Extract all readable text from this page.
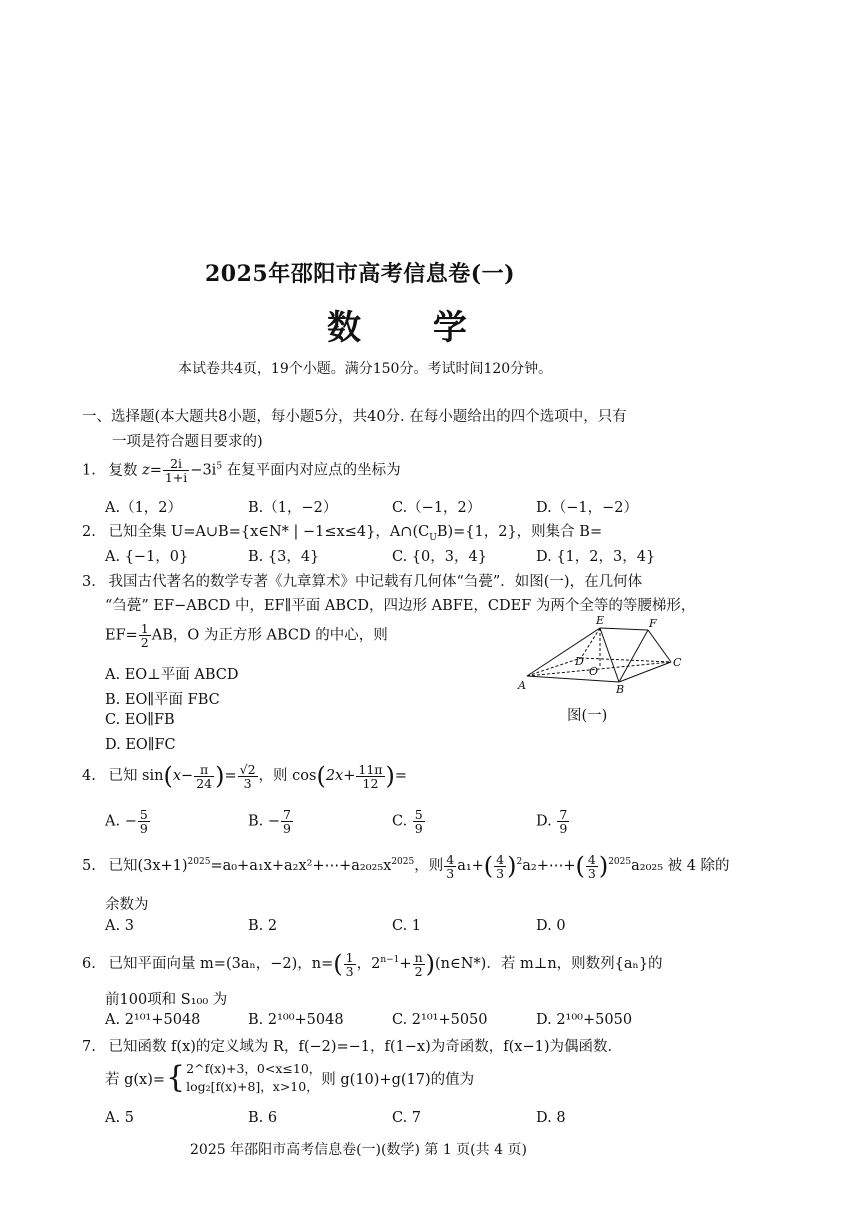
2025年邵阳市高考信息卷(一)
数 学
本试卷共4页，19个小题。满分150分。考试时间120分钟。
一、选择题(本大题共8小题，每小题5分，共40分. 在每小题给出的四个选项中，只有
一项是符合题目要求的)
1. 复数 $z= \frac{2i}{1+i} -3i^5$ 在复平面内对应点的坐标为
A.（1，2）	B.（1，−2）	C.（−1，2）	D.（−1，−2）
2. 已知全集 U=A∪B={x∈N* | −1≤x≤4}，$A\cap(C_UB)=\{1$，2}，则集合 B=
A. {−1，0}	B. {3，4}	C. {0，3，4}	D. {1，2，3，4}
3. 我国古代著名的数学专著《九章算术》中记载有几何体“刍甍”．如图(一)，在几何体
“刍甍” EF−ABCD 中，EF∥平面 ABCD，四边形 ABFE，CDEF 为两个全等的等腰梯形，
$EF= \frac{1}{2}$ AB，O 为正方形 ABCD 的中心，则
A. EO⊥平面 ABCD
B. EO∥平面 FBC
C. EO∥FB
D. EO∥FC
E	F
D
O
C
A	B
图(一)
4. 已知 $\sin(x- \frac{\pi}{24}$ )= $\frac{√2}{3}$ ，则 $\cos(2x+ \frac{11\pi}{12}$ )=
A. − $\frac{5}{9}$	B. − $\frac{7}{9}$	C. $\frac{5}{9}$	D. $\frac{7}{9}$
5. 已知$(3x+1)^{2025}=a_0+a_1x+a_2x^2+\cdots+a_{2025}x^{2025}$，则 $\frac{4}{3} a_1+( \frac{4}{3}$ )$^2a_2+\cdots+( \frac{4}{3} )^{2025}a_{2025}$ 被 4 除的
余数为
A. 3	B. 2	C. 1	D. 0
6. 已知平面向量 m=(3aₙ，−2)，$n=( \frac{1}{3}$ ，$2^{n-1}+ \frac{n}{2}$ )(n∈N*)．若 m⊥n，则数列{aₙ}的
前100项和 S₁₀₀ 为
A. 2¹⁰¹+5048	B. 2¹⁰⁰+5048	C. 2¹⁰¹+5050	D. 2¹⁰⁰+5050
7. 已知函数 f(x)的定义域为 R，f(−2)=−1，f(1−x)为奇函数，f(x−1)为偶函数．
若 g(x)={ 2^f(x)+3，0<x≤10，
log₂[f(x)+8]，x>10， 则 g(10)+g(17)的值为
A. 5	B. 6	C. 7	D. 8
2025 年邵阳市高考信息卷(一)(数学) 第 1 页(共 4 页)
